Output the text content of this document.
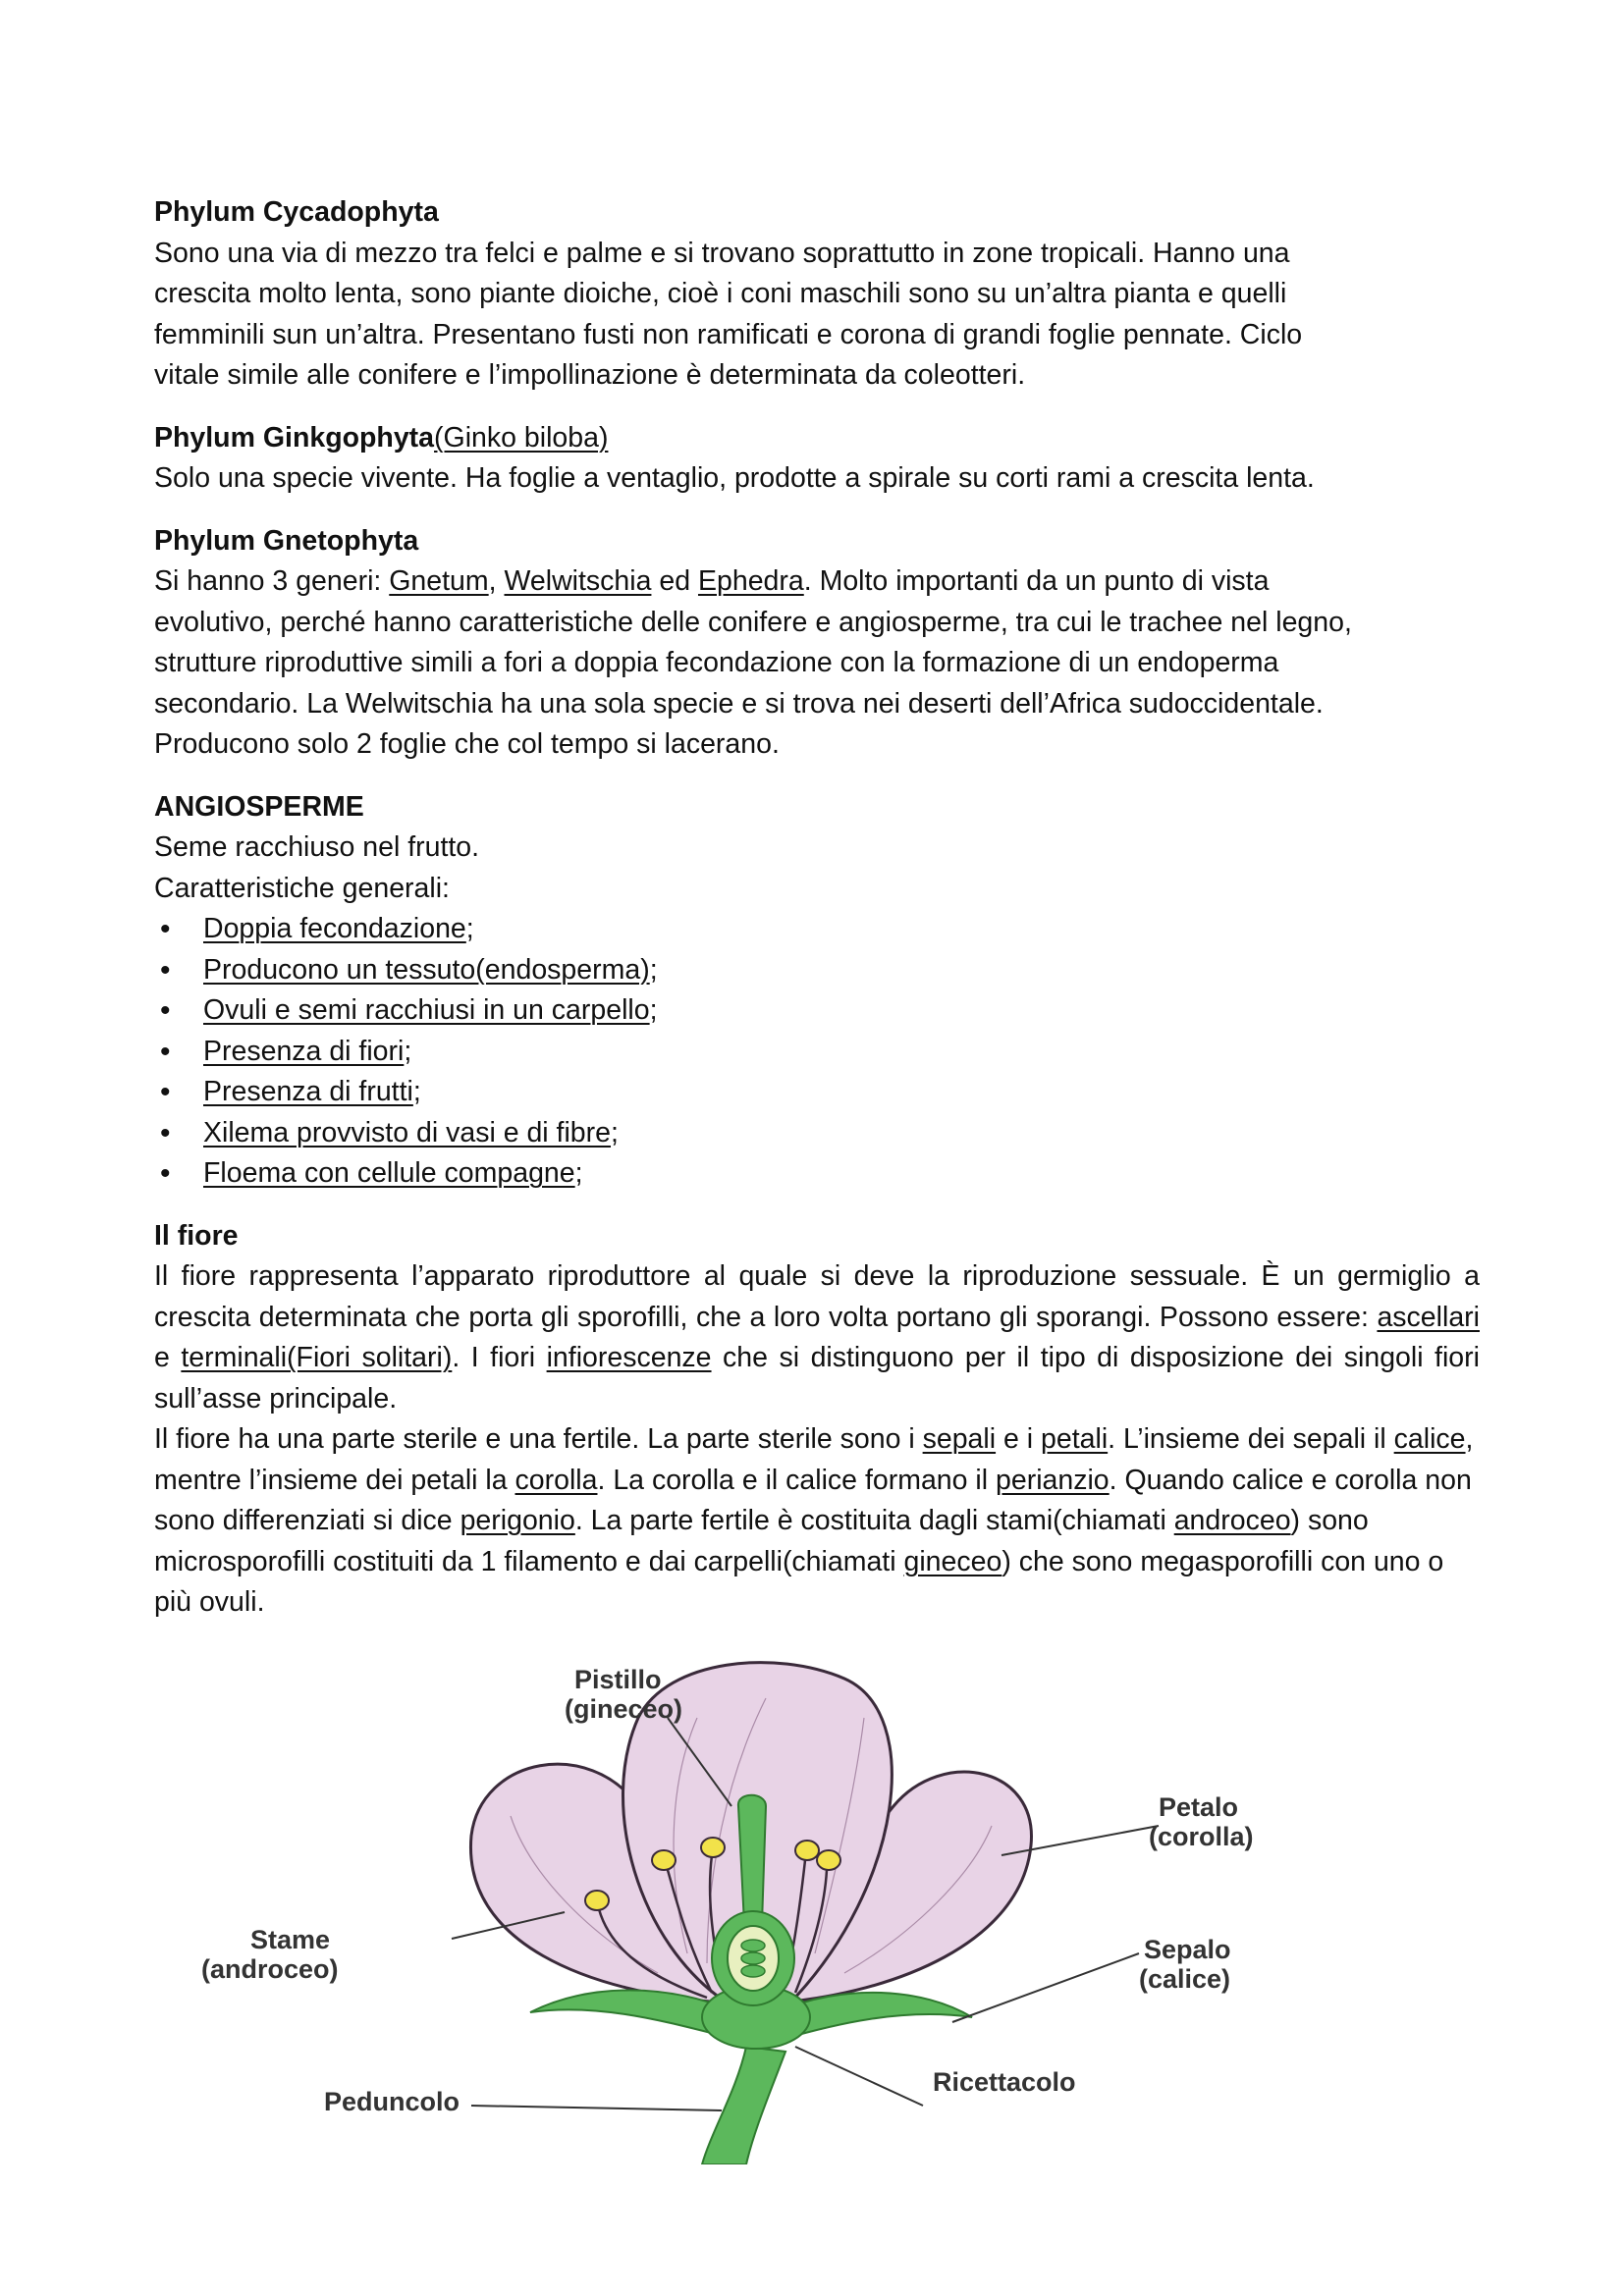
Phylum Cycadophyta
Sono una via di mezzo tra felci e palme e si trovano soprattutto in zone tropicali. Hanno una
crescita molto lenta, sono piante dioiche, cioè i coni maschili sono su un’altra pianta e quelli
femminili sun un’altra. Presentano fusti non ramificati e corona di grandi foglie pennate. Ciclo
vitale simile alle conifere e l’impollinazione è determinata da coleotteri.
Phylum Ginkgophyta(Ginko biloba)
Solo una specie vivente. Ha foglie a ventaglio, prodotte a spirale su corti rami a crescita lenta.
Phylum Gnetophyta
Si hanno 3 generi: Gnetum, Welwitschia ed Ephedra. Molto importanti da un punto di vista
evolutivo, perché hanno caratteristiche delle conifere e angiosperme, tra cui le trachee nel legno,
strutture riproduttive simili a fori a doppia fecondazione con la formazione di un endoperma
secondario. La Welwitschia ha una sola specie e si trova nei deserti dell’Africa sudoccidentale.
Producono solo 2 foglie che col tempo si lacerano.
ANGIOSPERME
Seme racchiuso nel frutto.
Caratteristiche generali:
• Doppia fecondazione;
• Producono un tessuto(endosperma);
• Ovuli e semi racchiusi in un carpello;
• Presenza di fiori;
• Presenza di frutti;
• Xilema provvisto di vasi e di fibre;
• Floema con cellule compagne;
Il fiore
Il fiore rappresenta l’apparato riproduttore al quale si deve la riproduzione sessuale. È un germiglio a crescita determinata che porta gli sporofilli, che a loro volta portano gli sporangi. Possono essere: ascellari e terminali(Fiori solitari). I fiori infiorescenze che si distinguono per il tipo di disposizione dei singoli fiori sull’asse principale.
Il fiore ha una parte sterile e una fertile. La parte sterile sono i sepali e i petali. L’insieme dei sepali il calice, mentre l’insieme dei petali la corolla. La corolla e il calice formano il perianzio. Quando calice e corolla non sono differenziati si dice perigonio. La parte fertile è costituita dagli stami(chiamati androceo) sono microsporofilli costituiti da 1 filamento e dai carpelli(chiamati gineceo) che sono megasporofilli con uno o più ovuli.
Pistillo
(gineceo)
Petalo
(corolla)
Stame
(androceo)
Sepalo
(calice)
Peduncolo
Ricettacolo
